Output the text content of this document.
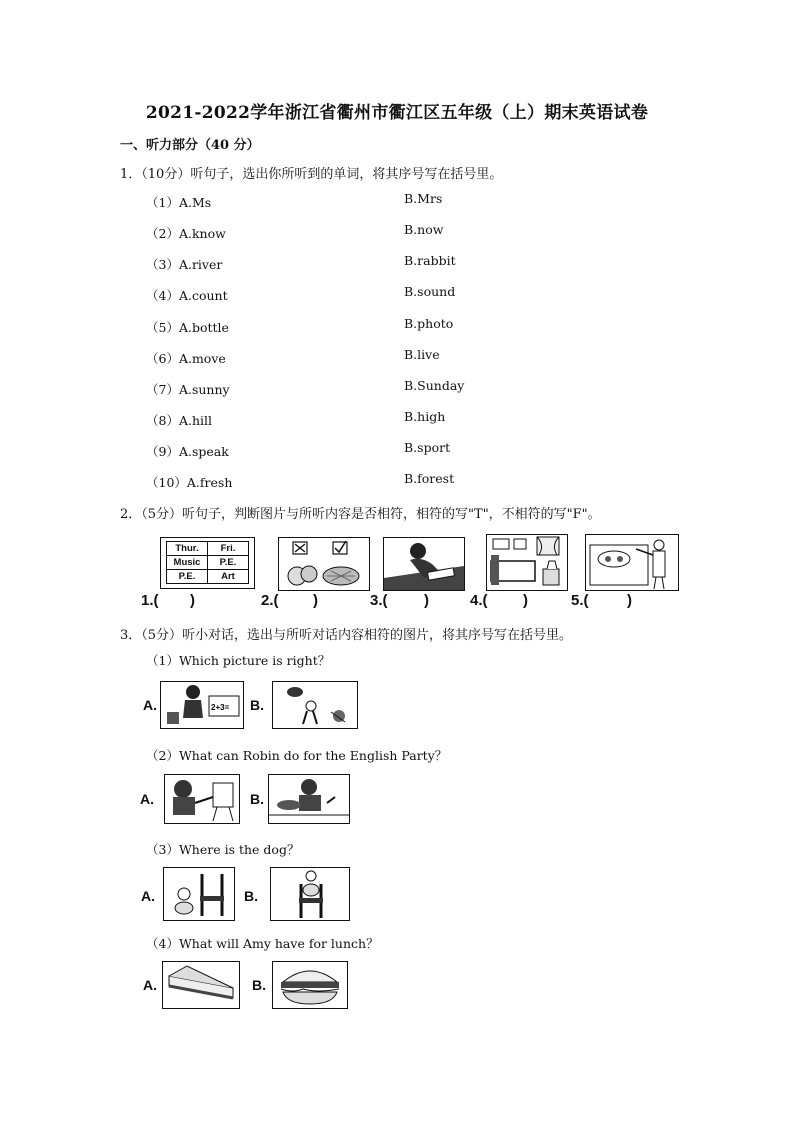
2021-2022学年浙江省衢州市衢江区五年级（上）期末英语试卷
一、听力部分（40 分）
1．（10分）听句子，选出你所听到的单词，将其序号写在括号里。
（1）A.Ms	B.Mrs
（2）A.know	B.now
（3）A.river	B.rabbit
（4）A.count	B.sound
（5）A.bottle	B.photo
（6）A.move	B.live
（7）A.sunny	B.Sunday
（8）A.hill	B.high
（9）A.speak	B.sport
（10）A.fresh	B.forest
2．（5分）听句子，判断图片与所听内容是否相符，相符的写"T"，不相符的写"F"。
Thur.	Fri.
Music	P.E.
P.E.	Art
1.( )	2.( )	3.( )	4.( )	5.(	)
3．（5分）听小对话，选出与所听对话内容相符的图片，将其序号写在括号里。
（1）Which picture is right？
（2）What can Robin do for the English Party？
（3）Where is the dog？
（4）What will Amy have for lunch？
A.	2+3= B.
A.	B.
A.	B.
A.	B.
